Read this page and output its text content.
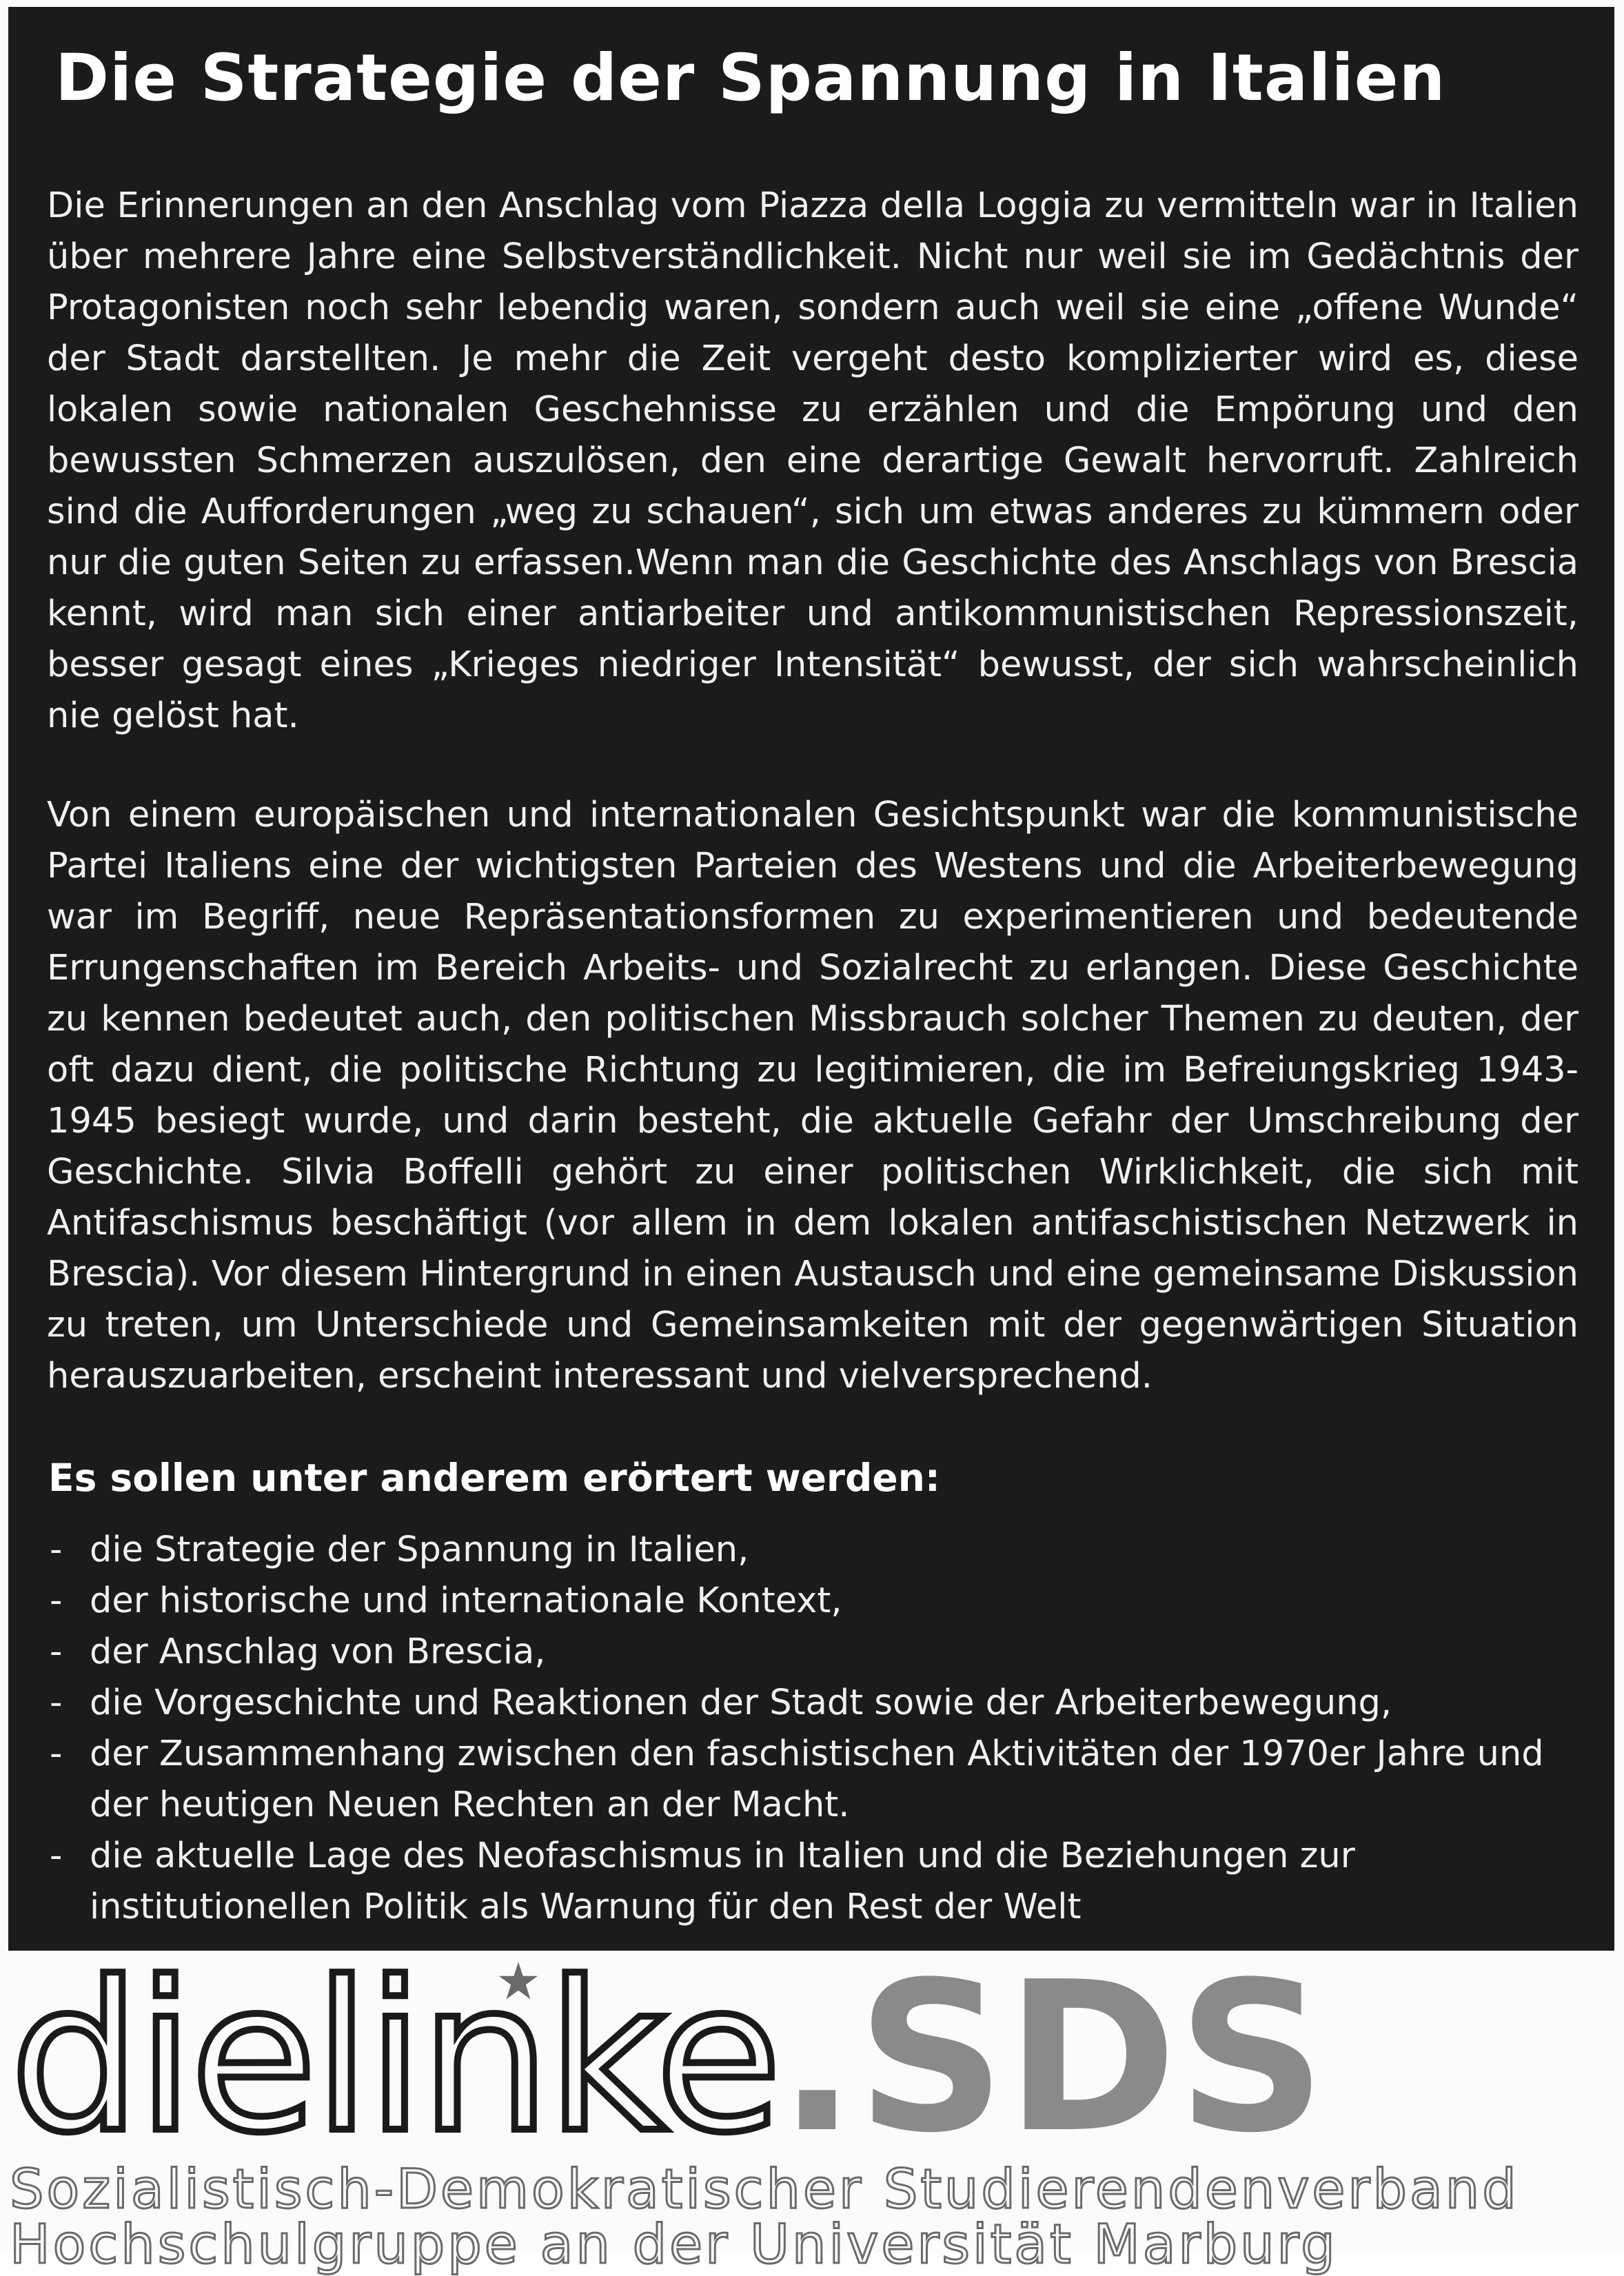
Die Strategie der Spannung in Italien

Die Erinnerungen an den Anschlag vom Piazza della Loggia zu vermitteln war in Italien über mehrere Jahre eine Selbstverständlichkeit. Nicht nur weil sie im Gedächtnis der Protagonisten noch sehr lebendig waren, sondern auch weil sie eine „offene Wunde“ der Stadt darstellten. Je mehr die Zeit vergeht desto komplizierter wird es, diese lokalen sowie nationalen Geschehnisse zu erzählen und die Empörung und den bewussten Schmerzen auszulösen, den eine derartige Gewalt hervorruft. Zahlreich sind die Aufforderungen „weg zu schauen“, sich um etwas anderes zu kümmern oder nur die guten Seiten zu erfassen.Wenn man die Geschichte des Anschlags von Brescia kennt, wird man sich einer antiarbeiter und antikommunistischen Repressionszeit, besser gesagt eines „Krieges niedriger Intensität“ bewusst, der sich wahrscheinlich nie gelöst hat.

Von einem europäischen und internationalen Gesichtspunkt war die kommunistische Partei Italiens eine der wichtigsten Parteien des Westens und die Arbeiterbewegung war im Begriff, neue Repräsentationsformen zu experimentieren und bedeutende Errungenschaften im Bereich Arbeits- und Sozialrecht zu erlangen. Diese Geschichte zu kennen bedeutet auch, den politischen Missbrauch solcher Themen zu deuten, der oft dazu dient, die politische Richtung zu legitimieren, die im Befreiungskrieg 1943-1945 besiegt wurde, und darin besteht, die aktuelle Gefahr der Umschreibung der Geschichte. Silvia Boffelli gehört zu einer politischen Wirklichkeit, die sich mit Antifaschismus beschäftigt (vor allem in dem lokalen antifaschistischen Netzwerk in Brescia). Vor diesem Hintergrund in einen Austausch und eine gemeinsame Diskussion zu treten, um Unterschiede und Gemeinsamkeiten mit der gegenwärtigen Situation herauszuarbeiten, erscheint interessant und vielversprechend.

Es sollen unter anderem erörtert werden:
- die Strategie der Spannung in Italien,
- der historische und internationale Kontext,
- der Anschlag von Brescia,
- die Vorgeschichte und Reaktionen der Stadt sowie der Arbeiterbewegung,
- der Zusammenhang zwischen den faschistischen Aktivitäten der 1970er Jahre und der heutigen Neuen Rechten an der Macht.
- die aktuelle Lage des Neofaschismus in Italien und die Beziehungen zur institutionellen Politik als Warnung für den Rest der Welt
dielinke.SDS
Sozialistisch-Demokratischer Studierendenverband
Hochschulgruppe an der Universität Marburg
